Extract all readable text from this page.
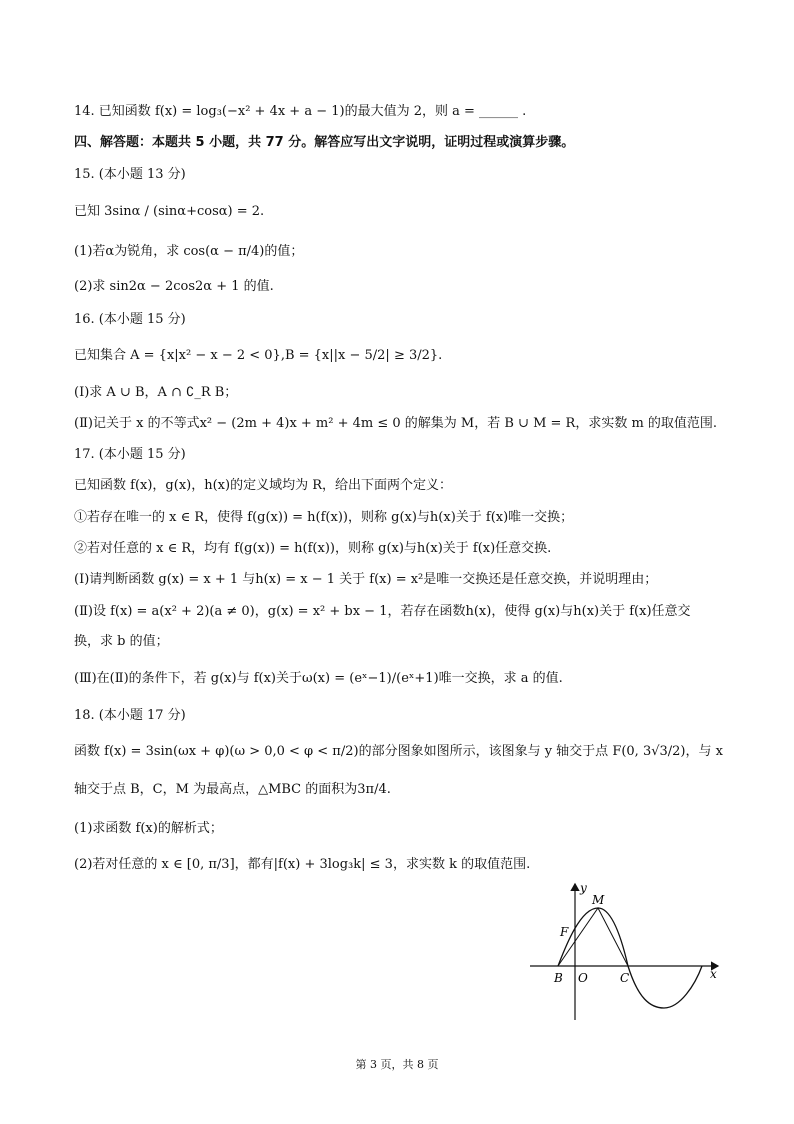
14. 已知函数 f(x) = log₃(−x² + 4x + a − 1)的最大值为 2，则 a = ______ .
四、解答题：本题共 5 小题，共 77 分。解答应写出文字说明，证明过程或演算步骤。
15. (本小题 13 分)
已知 3sinα / (sinα+cosα) = 2.
(1)若α为锐角，求 cos(α − π/4)的值；
(2)求 sin2α − 2cos2α + 1 的值.
16. (本小题 15 分)
已知集合 A = {x|x² − x − 2 < 0},B = {x||x − 5/2| ≥ 3/2}.
(Ⅰ)求 A ∪ B，A ∩ ∁_R B；
(Ⅱ)记关于 x 的不等式x² − (2m + 4)x + m² + 4m ≤ 0 的解集为 M，若 B ∪ M = R，求实数 m 的取值范围.
17. (本小题 15 分)
已知函数 f(x)，g(x)，h(x)的定义域均为 R，给出下面两个定义：
①若存在唯一的 x ∈ R，使得 f(g(x)) = h(f(x))，则称 g(x)与h(x)关于 f(x)唯一交换；
②若对任意的 x ∈ R，均有 f(g(x)) = h(f(x))，则称 g(x)与h(x)关于 f(x)任意交换.
(Ⅰ)请判断函数 g(x) = x + 1 与h(x) = x − 1 关于 f(x) = x²是唯一交换还是任意交换，并说明理由；
(Ⅱ)设 f(x) = a(x² + 2)(a ≠ 0)，g(x) = x² + bx − 1，若存在函数h(x)，使得 g(x)与h(x)关于 f(x)任意交
换，求 b 的值；
(Ⅲ)在(Ⅱ)的条件下，若 g(x)与 f(x)关于ω(x) = (eˣ−1)/(eˣ+1)唯一交换，求 a 的值.
18. (本小题 17 分)
函数 f(x) = 3sin(ωx + φ)(ω > 0,0 < φ < π/2)的部分图象如图所示，该图象与 y 轴交于点 F(0, 3√3/2)，与 x
轴交于点 B，C，M 为最高点，△MBC 的面积为3π/4.
(1)求函数 f(x)的解析式；
(2)若对任意的 x ∈ [0, π/3]，都有|f(x) + 3log₃k| ≤ 3，求实数 k 的取值范围.
y
x
M
F
B O	C
第 3 页，共 8 页
